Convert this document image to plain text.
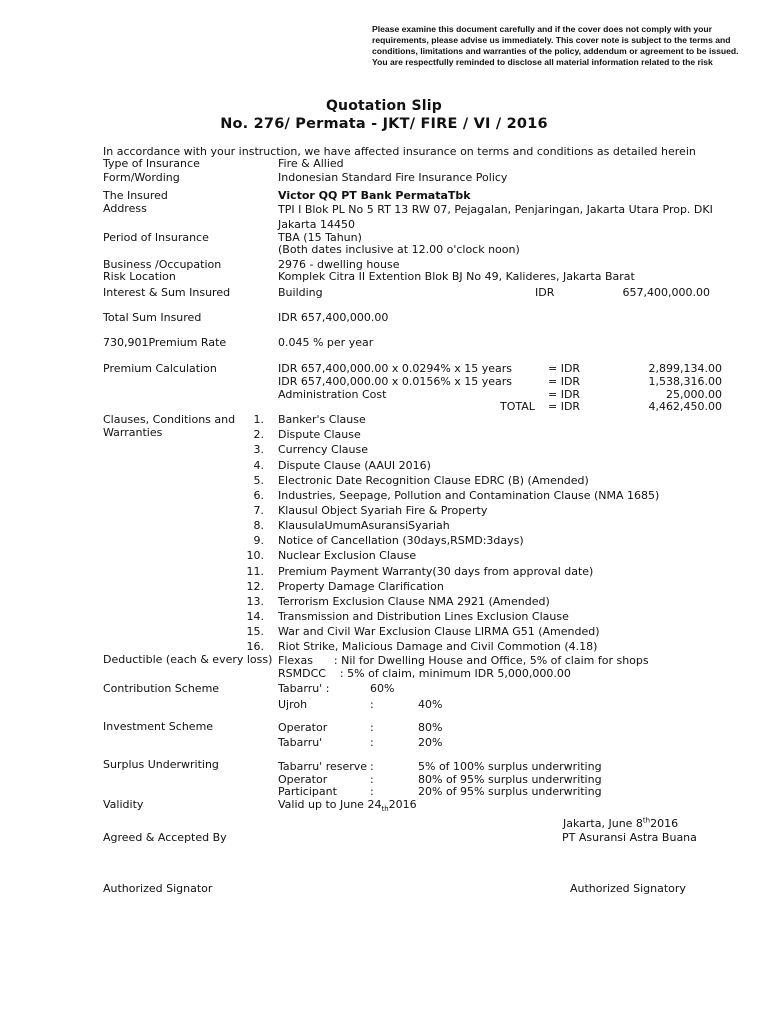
Please examine this document carefully and if the cover does not comply with your requirements, please advise us immediately. This cover note is subject to the terms and conditions, limitations and warranties of the policy, addendum or agreement to be issued. You are respectfully reminded to disclose all material information related to the risk
Quotation Slip
No. 276/ Permata - JKT/ FIRE / VI / 2016
In accordance with your instruction, we have affected insurance on terms and conditions as detailed herein
Type of Insurance	Fire & Allied
Form/Wording	Indonesian Standard Fire Insurance Policy
The Insured	Victor QQ PT Bank PermataTbk
Address	TPI I Blok PL No 5 RT 13 RW 07, Pejagalan, Penjaringan, Jakarta Utara Prop. DKI
Jakarta 14450
Period of Insurance	TBA (15 Tahun)
(Both dates inclusive at 12.00 o'clock noon)
Business /Occupation	2976 - dwelling house
Risk Location	Komplek Citra II Extention Blok BJ No 49, Kalideres, Jakarta Barat
Interest & Sum Insured	Building	IDR	657,400,000.00
Total Sum Insured	IDR 657,400,000.00
730,901Premium Rate	0.045 % per year
Premium Calculation	IDR 657,400,000.00 x 0.0294% x 15 years	= IDR	2,899,134.00
IDR 657,400,000.00 x 0.0156% x 15 years	= IDR	1,538,316.00
Administration Cost	= IDR	25,000.00
TOTAL = IDR	4,462,450.00
Clauses, Conditions and
Warranties
1. Banker's Clause
2. Dispute Clause
3. Currency Clause
4. Dispute Clause (AAUI 2016)
5. Electronic Date Recognition Clause EDRC (B) (Amended)
6. Industries, Seepage, Pollution and Contamination Clause (NMA 1685)
7. Klausul Object Syariah Fire & Property
8. KlausulaUmumAsuransiSyariah
9. Notice of Cancellation (30days,RSMD:3days)
10. Nuclear Exclusion Clause
11. Premium Payment Warranty(30 days from approval date)
12. Property Damage Clarification
13. Terrorism Exclusion Clause NMA 2921 (Amended)
14. Transmission and Distribution Lines Exclusion Clause
15. War and Civil War Exclusion Clause LIRMA G51 (Amended)
16. Riot Strike, Malicious Damage and Civil Commotion (4.18)
Deductible (each & every loss) Flexas      : Nil for Dwelling House and Office, 5% of claim for shops
RSMDCC    : 5% of claim, minimum IDR 5,000,000.00
Contribution Scheme	Tabarru' :	60%
Ujroh	:	40%
Investment Scheme	Operator	:	80%
Tabarru'	:	20%
Surplus Underwriting	Tabarru' reserve :	5% of 100% surplus underwriting
Operator	:	80% of 95% surplus underwriting
Participant	:	20% of 95% surplus underwriting
Validity	Valid up to June $24_{th}2016$
Jakarta, June 8th2016
PT Asuransi Astra Buana
Agreed & Accepted By
Authorized Signator	Authorized Signatory
